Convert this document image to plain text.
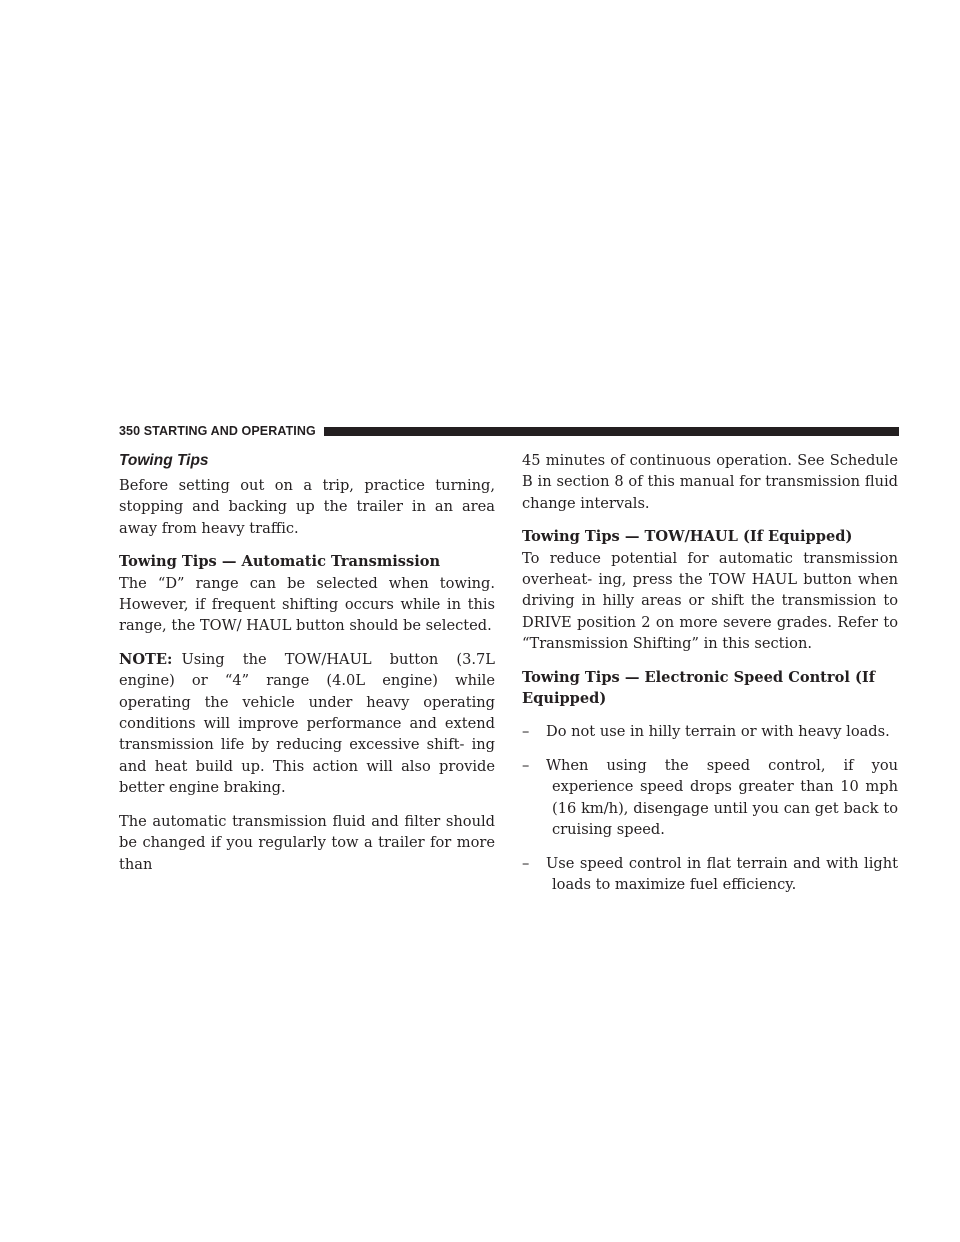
350 STARTING AND OPERATING
Towing Tips

Before setting out on a trip, practice turning, stopping and backing up the trailer in an area away from heavy traffic.

Towing Tips — Automatic Transmission

The “D” range can be selected when towing. However, if frequent shifting occurs while in this range, the TOW/ HAUL button should be selected.

NOTE: Using the TOW/HAUL button (3.7L engine) or “4” range (4.0L engine) while operating the vehicle under heavy operating conditions will improve performance and extend transmission life by reducing excessive shift- ing and heat build up. This action will also provide better engine braking.

The automatic transmission fluid and filter should be changed if you regularly tow a trailer for more than

45 minutes of continuous operation. See Schedule B in section 8 of this manual for transmission fluid change intervals.

Towing Tips — TOW/HAUL (If Equipped)

To reduce potential for automatic transmission overheat- ing, press the TOW HAUL button when driving in hilly areas or shift the transmission to DRIVE position 2 on more severe grades. Refer to “Transmission Shifting” in this section.

Towing Tips — Electronic Speed Control (If Equipped)
– Do not use in hilly terrain or with heavy loads.
– When using the speed control, if you experience speed drops greater than 10 mph (16 km/h), disengage until you can get back to cruising speed.
– Use speed control in flat terrain and with light loads to maximize fuel efficiency.
